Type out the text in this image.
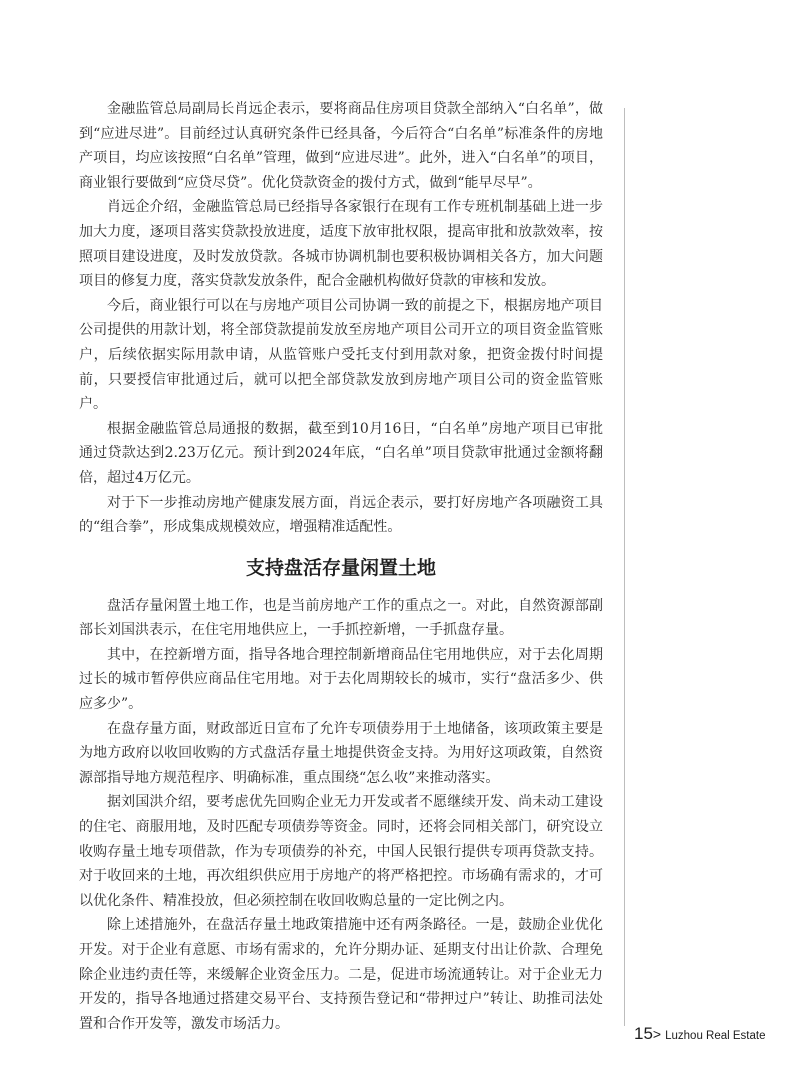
金融监管总局副局长肖远企表示，要将商品住房项目贷款全部纳入“白名单”，做到“应进尽进”。目前经过认真研究条件已经具备，今后符合“白名单”标准条件的房地产项目，均应该按照“白名单”管理，做到“应进尽进”。此外，进入“白名单”的项目，商业银行要做到“应贷尽贷”。优化贷款资金的拨付方式，做到“能早尽早”。

肖远企介绍，金融监管总局已经指导各家银行在现有工作专班机制基础上进一步加大力度，逐项目落实贷款投放进度，适度下放审批权限，提高审批和放款效率，按照项目建设进度，及时发放贷款。各城市协调机制也要积极协调相关各方，加大问题项目的修复力度，落实贷款发放条件，配合金融机构做好贷款的审核和发放。

今后，商业银行可以在与房地产项目公司协调一致的前提之下，根据房地产项目公司提供的用款计划，将全部贷款提前发放至房地产项目公司开立的项目资金监管账户，后续依据实际用款申请，从监管账户受托支付到用款对象，把资金拨付时间提前，只要授信审批通过后，就可以把全部贷款发放到房地产项目公司的资金监管账户。

根据金融监管总局通报的数据，截至到10月16日，“白名单”房地产项目已审批通过贷款达到2.23万亿元。预计到2024年底，“白名单”项目贷款审批通过金额将翻倍，超过4万亿元。

对于下一步推动房地产健康发展方面，肖远企表示，要打好房地产各项融资工具的“组合拳”，形成集成规模效应，增强精准适配性。

支持盘活存量闲置土地

盘活存量闲置土地工作，也是当前房地产工作的重点之一。对此，自然资源部副部长刘国洪表示，在住宅用地供应上，一手抓控新增，一手抓盘存量。

其中，在控新增方面，指导各地合理控制新增商品住宅用地供应，对于去化周期过长的城市暂停供应商品住宅用地。对于去化周期较长的城市，实行“盘活多少、供应多少”。

在盘存量方面，财政部近日宣布了允许专项债券用于土地储备，该项政策主要是为地方政府以收回收购的方式盘活存量土地提供资金支持。为用好这项政策，自然资源部指导地方规范程序、明确标准，重点围绕“怎么收”来推动落实。

据刘国洪介绍，要考虑优先回购企业无力开发或者不愿继续开发、尚未动工建设的住宅、商服用地，及时匹配专项债券等资金。同时，还将会同相关部门，研究设立收购存量土地专项借款，作为专项债券的补充，中国人民银行提供专项再贷款支持。对于收回来的土地，再次组织供应用于房地产的将严格把控。市场确有需求的，才可以优化条件、精准投放，但必须控制在收回收购总量的一定比例之内。

除上述措施外，在盘活存量土地政策措施中还有两条路径。一是，鼓励企业优化开发。对于企业有意愿、市场有需求的，允许分期办证、延期支付出让价款、合理免除企业违约责任等，来缓解企业资金压力。二是，促进市场流通转让。对于企业无力开发的，指导各地通过搭建交易平台、支持预告登记和“带押过户”转让、助推司法处置和合作开发等，激发市场活力。

15> Luzhou Real Estate
